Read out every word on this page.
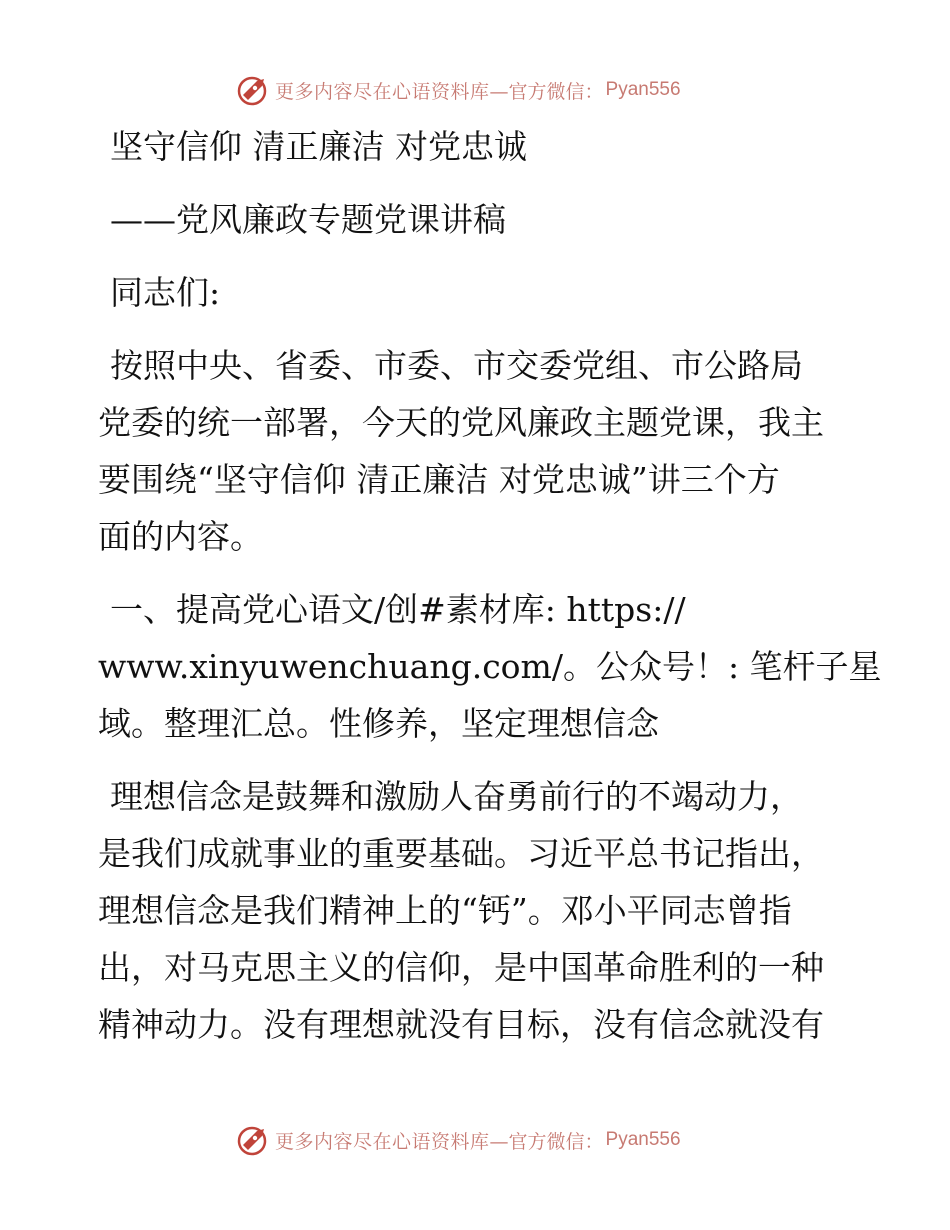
更多内容尽在心语资料库 —官方微信： Pyan556
坚守信仰 清正廉洁 对党忠诚
——党风廉政专题党课讲稿
同志们:
按照中央、省委、市委、市交委党组、市公路局
党委的统一部署，今天的党风廉政主题党课，我主
要围绕“坚守信仰 清正廉洁 对党忠诚”讲三个方
面的内容。
一、提高党心语文/创#素材库: https://
www.xinyuwenchuang.com/。公众号！: 笔杆子星
域。整理汇总。性修养，坚定理想信念
理想信念是鼓舞和激励人奋勇前行的不竭动力，
是我们成就事业的重要基础。习近平总书记指出，
理想信念是我们精神上的“钙”。邓小平同志曾指
出，对马克思主义的信仰，是中国革命胜利的一种
精神动力。没有理想就没有目标，没有信念就没有
更多内容尽在心语资料库 —官方微信： Pyan556
